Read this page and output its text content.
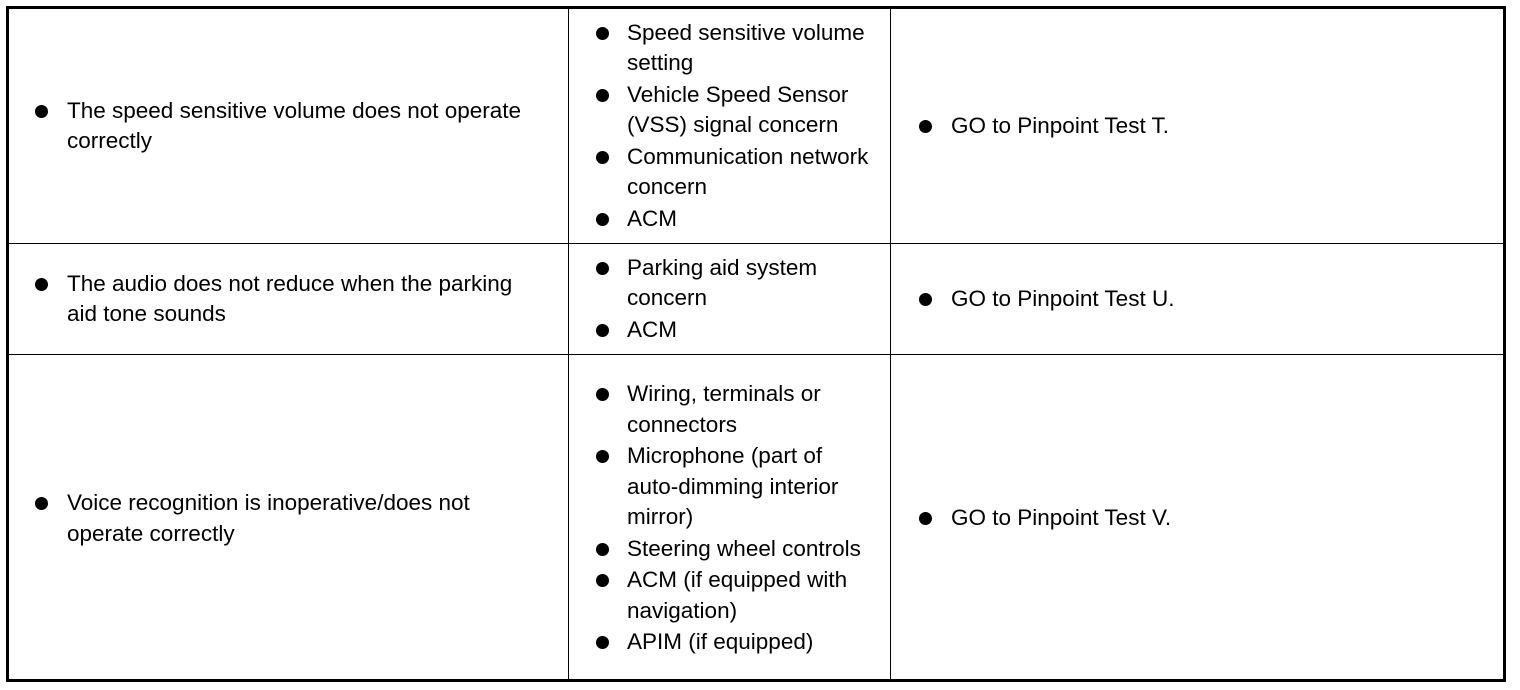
The speed sensitive volume does not operate correctly
Speed sensitive volume setting
Vehicle Speed Sensor (VSS) signal concern
Communication network concern
ACM
GO to Pinpoint Test T.
The audio does not reduce when the parking aid tone sounds
Parking aid system concern
ACM
GO to Pinpoint Test U.
Voice recognition is inoperative/does not operate correctly
Wiring, terminals or connectors
Microphone (part of auto-dimming interior mirror)
Steering wheel controls
ACM (if equipped with navigation)
APIM (if equipped)
GO to Pinpoint Test V.
